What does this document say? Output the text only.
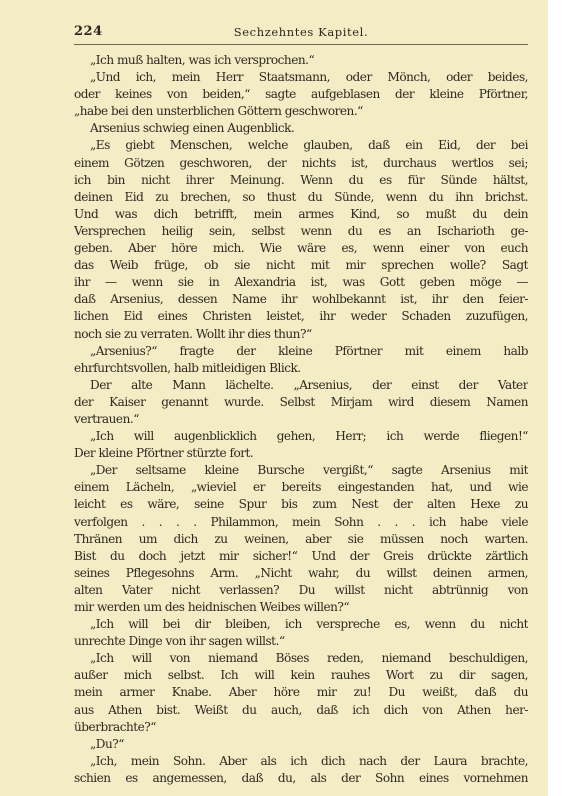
224	Sechzehntes Kapitel.
„Ich muß halten, was ich versprochen.“
„Und ich, mein Herr Staatsmann, oder Mönch, oder beides,
oder keines von beiden,“ sagte aufgeblasen der kleine Pförtner,
„habe bei den unsterblichen Göttern geschworen.“
Arsenius schwieg einen Augenblick.
„Es giebt Menschen, welche glauben, daß ein Eid, der bei
einem Götzen geschworen, der nichts ist, durchaus wertlos sei;
ich bin nicht ihrer Meinung. Wenn du es für Sünde hältst,
deinen Eid zu brechen, so thust du Sünde, wenn du ihn brichst.
Und was dich betrifft, mein armes Kind, so mußt du dein
Versprechen heilig sein, selbst wenn du es an Ischarioth ge-
geben. Aber höre mich. Wie wäre es, wenn einer von euch
das Weib frügе, ob sie nicht mit mir sprechen wolle? Sagt
ihr — wenn sie in Alexandria ist, was Gott geben möge —
daß Arsenius, dessen Name ihr wohlbekannt ist, ihr den feier-
lichen Eid eines Christen leistet, ihr weder Schaden zuzufügen,
noch sie zu verraten. Wollt ihr dies thun?“
„Arsenius?“ fragte der kleine Pförtner mit einem halb
ehrfurchtsvollen, halb mitleidigen Blick.
Der alte Mann lächelte. „Arsenius, der einst der Vater
der Kaiser genannt wurde. Selbst Mirjam wird diesem Namen
vertrauen.“
„Ich will augenblicklich gehen, Herr; ich werde fliegen!“
Der kleine Pförtner stürzte fort.
„Der seltsame kleine Bursche vergißt,“ sagte Arsenius mit
einem Lächeln, „wieviel er bereits eingestanden hat, und wie
leicht es wäre, seine Spur bis zum Nest der alten Hexe zu
verfolgen . . . . Philammon, mein Sohn . . . ich habe viele
Thränen um dich zu weinen, aber sie müssen noch warten.
Bist du doch jetzt mir sicher!“ Und der Greis drückte zärtlich
seines Pflegesohns Arm. „Nicht wahr, du willst deinen armen,
alten Vater nicht verlassen? Du willst nicht abtrünnig von
mir werden um des heidnischen Weibes willen?“
„Ich will bei dir bleiben, ich verspreche es, wenn du nicht
unrechte Dinge von ihr sagen willst.“
„Ich will von niemand Böses reden, niemand beschuldigen,
außer mich selbst. Ich will kein rauhes Wort zu dir sagen,
mein armer Knabe. Aber höre mir zu! Du weißt, daß du
aus Athen bist. Weißt du auch, daß ich dich von Athen her-
überbrachte?“
„Du?“
„Ich, mein Sohn. Aber als ich dich nach der Laura brachte,
schien es angemessen, daß du, als der Sohn eines vornehmen
